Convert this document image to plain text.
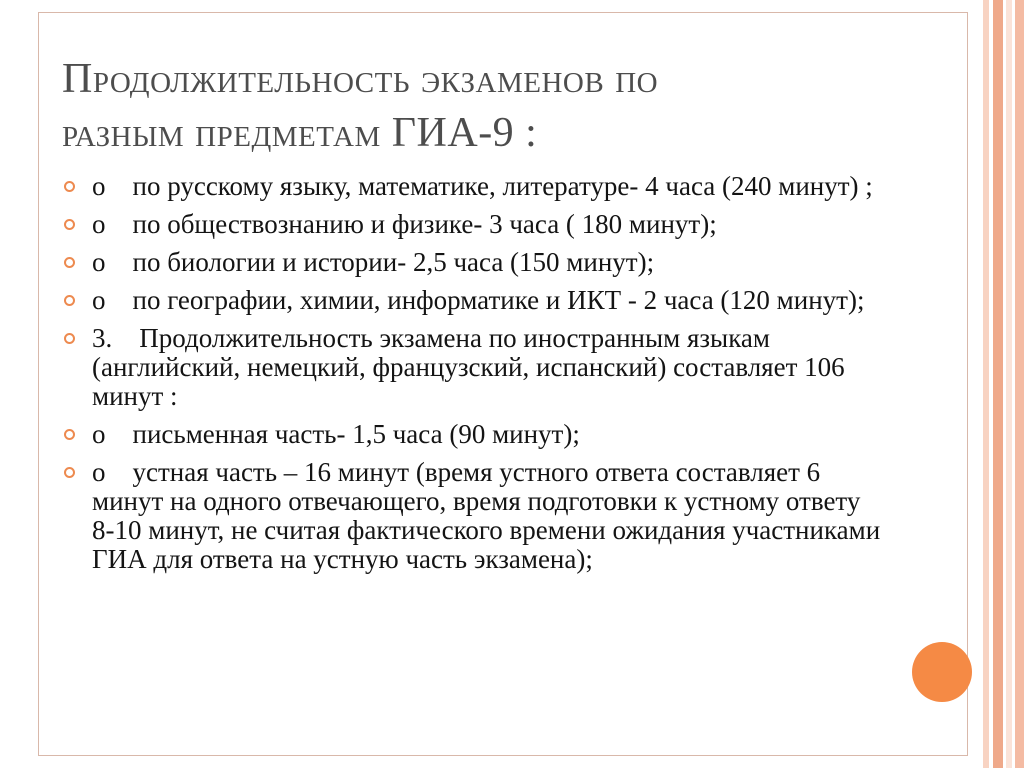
Продолжительность экзаменов по
разным предметам ГИА-9 :
o по русскому языку, математике, литературе- 4 часа (240 минут) ;
o по обществознанию и физике- 3 часа ( 180 минут);
o по биологии и истории- 2,5 часа (150 минут);
o по географии, химии, информатике и ИКТ - 2 часа (120 минут);
3. Продолжительность экзамена по иностранным языкам (английский, немецкий, французский, испанский) составляет 106 минут :
o письменная часть- 1,5 часа (90 минут);
o устная часть – 16 минут (время устного ответа составляет 6 минут на одного отвечающего, время подготовки к устному ответу 8-10 минут, не считая фактического времени ожидания участниками ГИА для ответа на устную часть экзамена);
